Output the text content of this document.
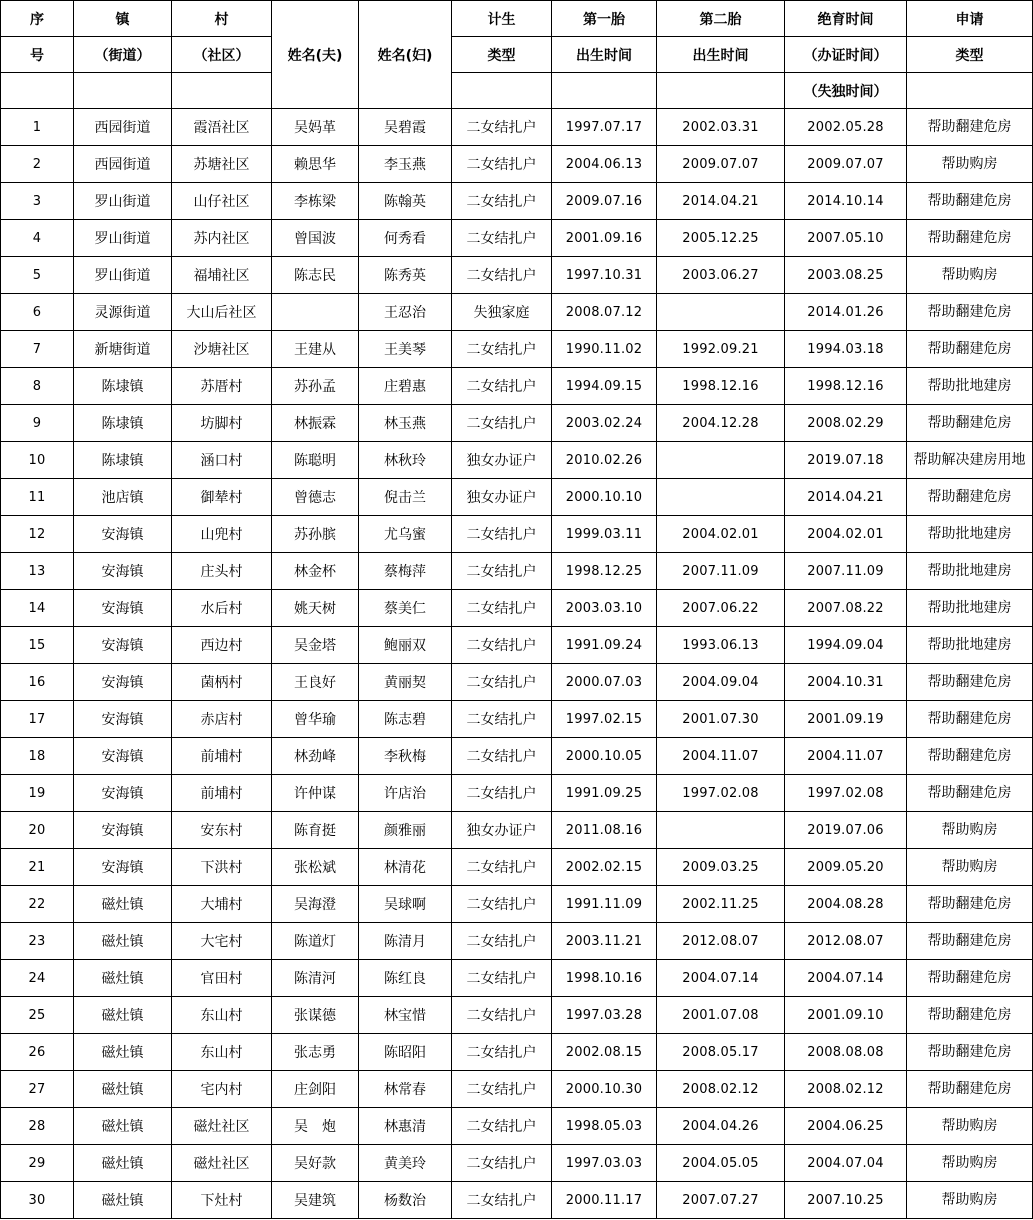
序	镇	村	姓名(夫)	姓名(妇)	计生	第一胎	第二胎	绝育时间	申请
号	（街道）	（社区）			类型	出生时间	出生时间	（办证时间）	类型
								（失独时间）	
1	西园街道	霞浯社区	吴妈革	吴碧霞	二女结扎户	1997.07.17	2002.03.31	2002.05.28	帮助翻建危房
2	西园街道	苏塘社区	赖思华	李玉燕	二女结扎户	2004.06.13	2009.07.07	2009.07.07	帮助购房
3	罗山街道	山仔社区	李栋梁	陈翰英	二女结扎户	2009.07.16	2014.04.21	2014.10.14	帮助翻建危房
4	罗山街道	苏内社区	曾国波	何秀看	二女结扎户	2001.09.16	2005.12.25	2007.05.10	帮助翻建危房
5	罗山街道	福埔社区	陈志民	陈秀英	二女结扎户	1997.10.31	2003.06.27	2003.08.25	帮助购房
6	灵源街道	大山后社区		王忍治	失独家庭	2008.07.12		2014.01.26	帮助翻建危房
7	新塘街道	沙塘社区	王建从	王美琴	二女结扎户	1990.11.02	1992.09.21	1994.03.18	帮助翻建危房
8	陈埭镇	苏厝村	苏孙孟	庄碧惠	二女结扎户	1994.09.15	1998.12.16	1998.12.16	帮助批地建房
9	陈埭镇	坊脚村	林振霖	林玉燕	二女结扎户	2003.02.24	2004.12.28	2008.02.29	帮助翻建危房
10	陈埭镇	涵口村	陈聪明	林秋玲	独女办证户	2010.02.26		2019.07.18	帮助解决建房用地
11	池店镇	御辇村	曾德志	倪击兰	独女办证户	2000.10.10		2014.04.21	帮助翻建危房
12	安海镇	山兜村	苏孙膑	尤乌蜜	二女结扎户	1999.03.11	2004.02.01	2004.02.01	帮助批地建房
13	安海镇	庄头村	林金杯	蔡梅萍	二女结扎户	1998.12.25	2007.11.09	2007.11.09	帮助批地建房
14	安海镇	水后村	姚天树	蔡美仁	二女结扎户	2003.03.10	2007.06.22	2007.08.22	帮助批地建房
15	安海镇	西边村	吴金塔	鲍丽双	二女结扎户	1991.09.24	1993.06.13	1994.09.04	帮助批地建房
16	安海镇	菌柄村	王良好	黄丽契	二女结扎户	2000.07.03	2004.09.04	2004.10.31	帮助翻建危房
17	安海镇	赤店村	曾华瑜	陈志碧	二女结扎户	1997.02.15	2001.07.30	2001.09.19	帮助翻建危房
18	安海镇	前埔村	林劲峰	李秋梅	二女结扎户	2000.10.05	2004.11.07	2004.11.07	帮助翻建危房
19	安海镇	前埔村	许仲谋	许店治	二女结扎户	1991.09.25	1997.02.08	1997.02.08	帮助翻建危房
20	安海镇	安东村	陈育挺	颜雅丽	独女办证户	2011.08.16		2019.07.06	帮助购房
21	安海镇	下洪村	张松斌	林清花	二女结扎户	2002.02.15	2009.03.25	2009.05.20	帮助购房
22	磁灶镇	大埔村	吴海澄	吴球啊	二女结扎户	1991.11.09	2002.11.25	2004.08.28	帮助翻建危房
23	磁灶镇	大宅村	陈道灯	陈清月	二女结扎户	2003.11.21	2012.08.07	2012.08.07	帮助翻建危房
24	磁灶镇	官田村	陈清河	陈红良	二女结扎户	1998.10.16	2004.07.14	2004.07.14	帮助翻建危房
25	磁灶镇	东山村	张谋德	林宝惜	二女结扎户	1997.03.28	2001.07.08	2001.09.10	帮助翻建危房
26	磁灶镇	东山村	张志勇	陈昭阳	二女结扎户	2002.08.15	2008.05.17	2008.08.08	帮助翻建危房
27	磁灶镇	宅内村	庄剑阳	林常春	二女结扎户	2000.10.30	2008.02.12	2008.02.12	帮助翻建危房
28	磁灶镇	磁灶社区	吴　炮	林惠清	二女结扎户	1998.05.03	2004.04.26	2004.06.25	帮助购房
29	磁灶镇	磁灶社区	吴好款	黄美玲	二女结扎户	1997.03.03	2004.05.05	2004.07.04	帮助购房
30	磁灶镇	下灶村	吴建筑	杨数治	二女结扎户	2000.11.17	2007.07.27	2007.10.25	帮助购房
